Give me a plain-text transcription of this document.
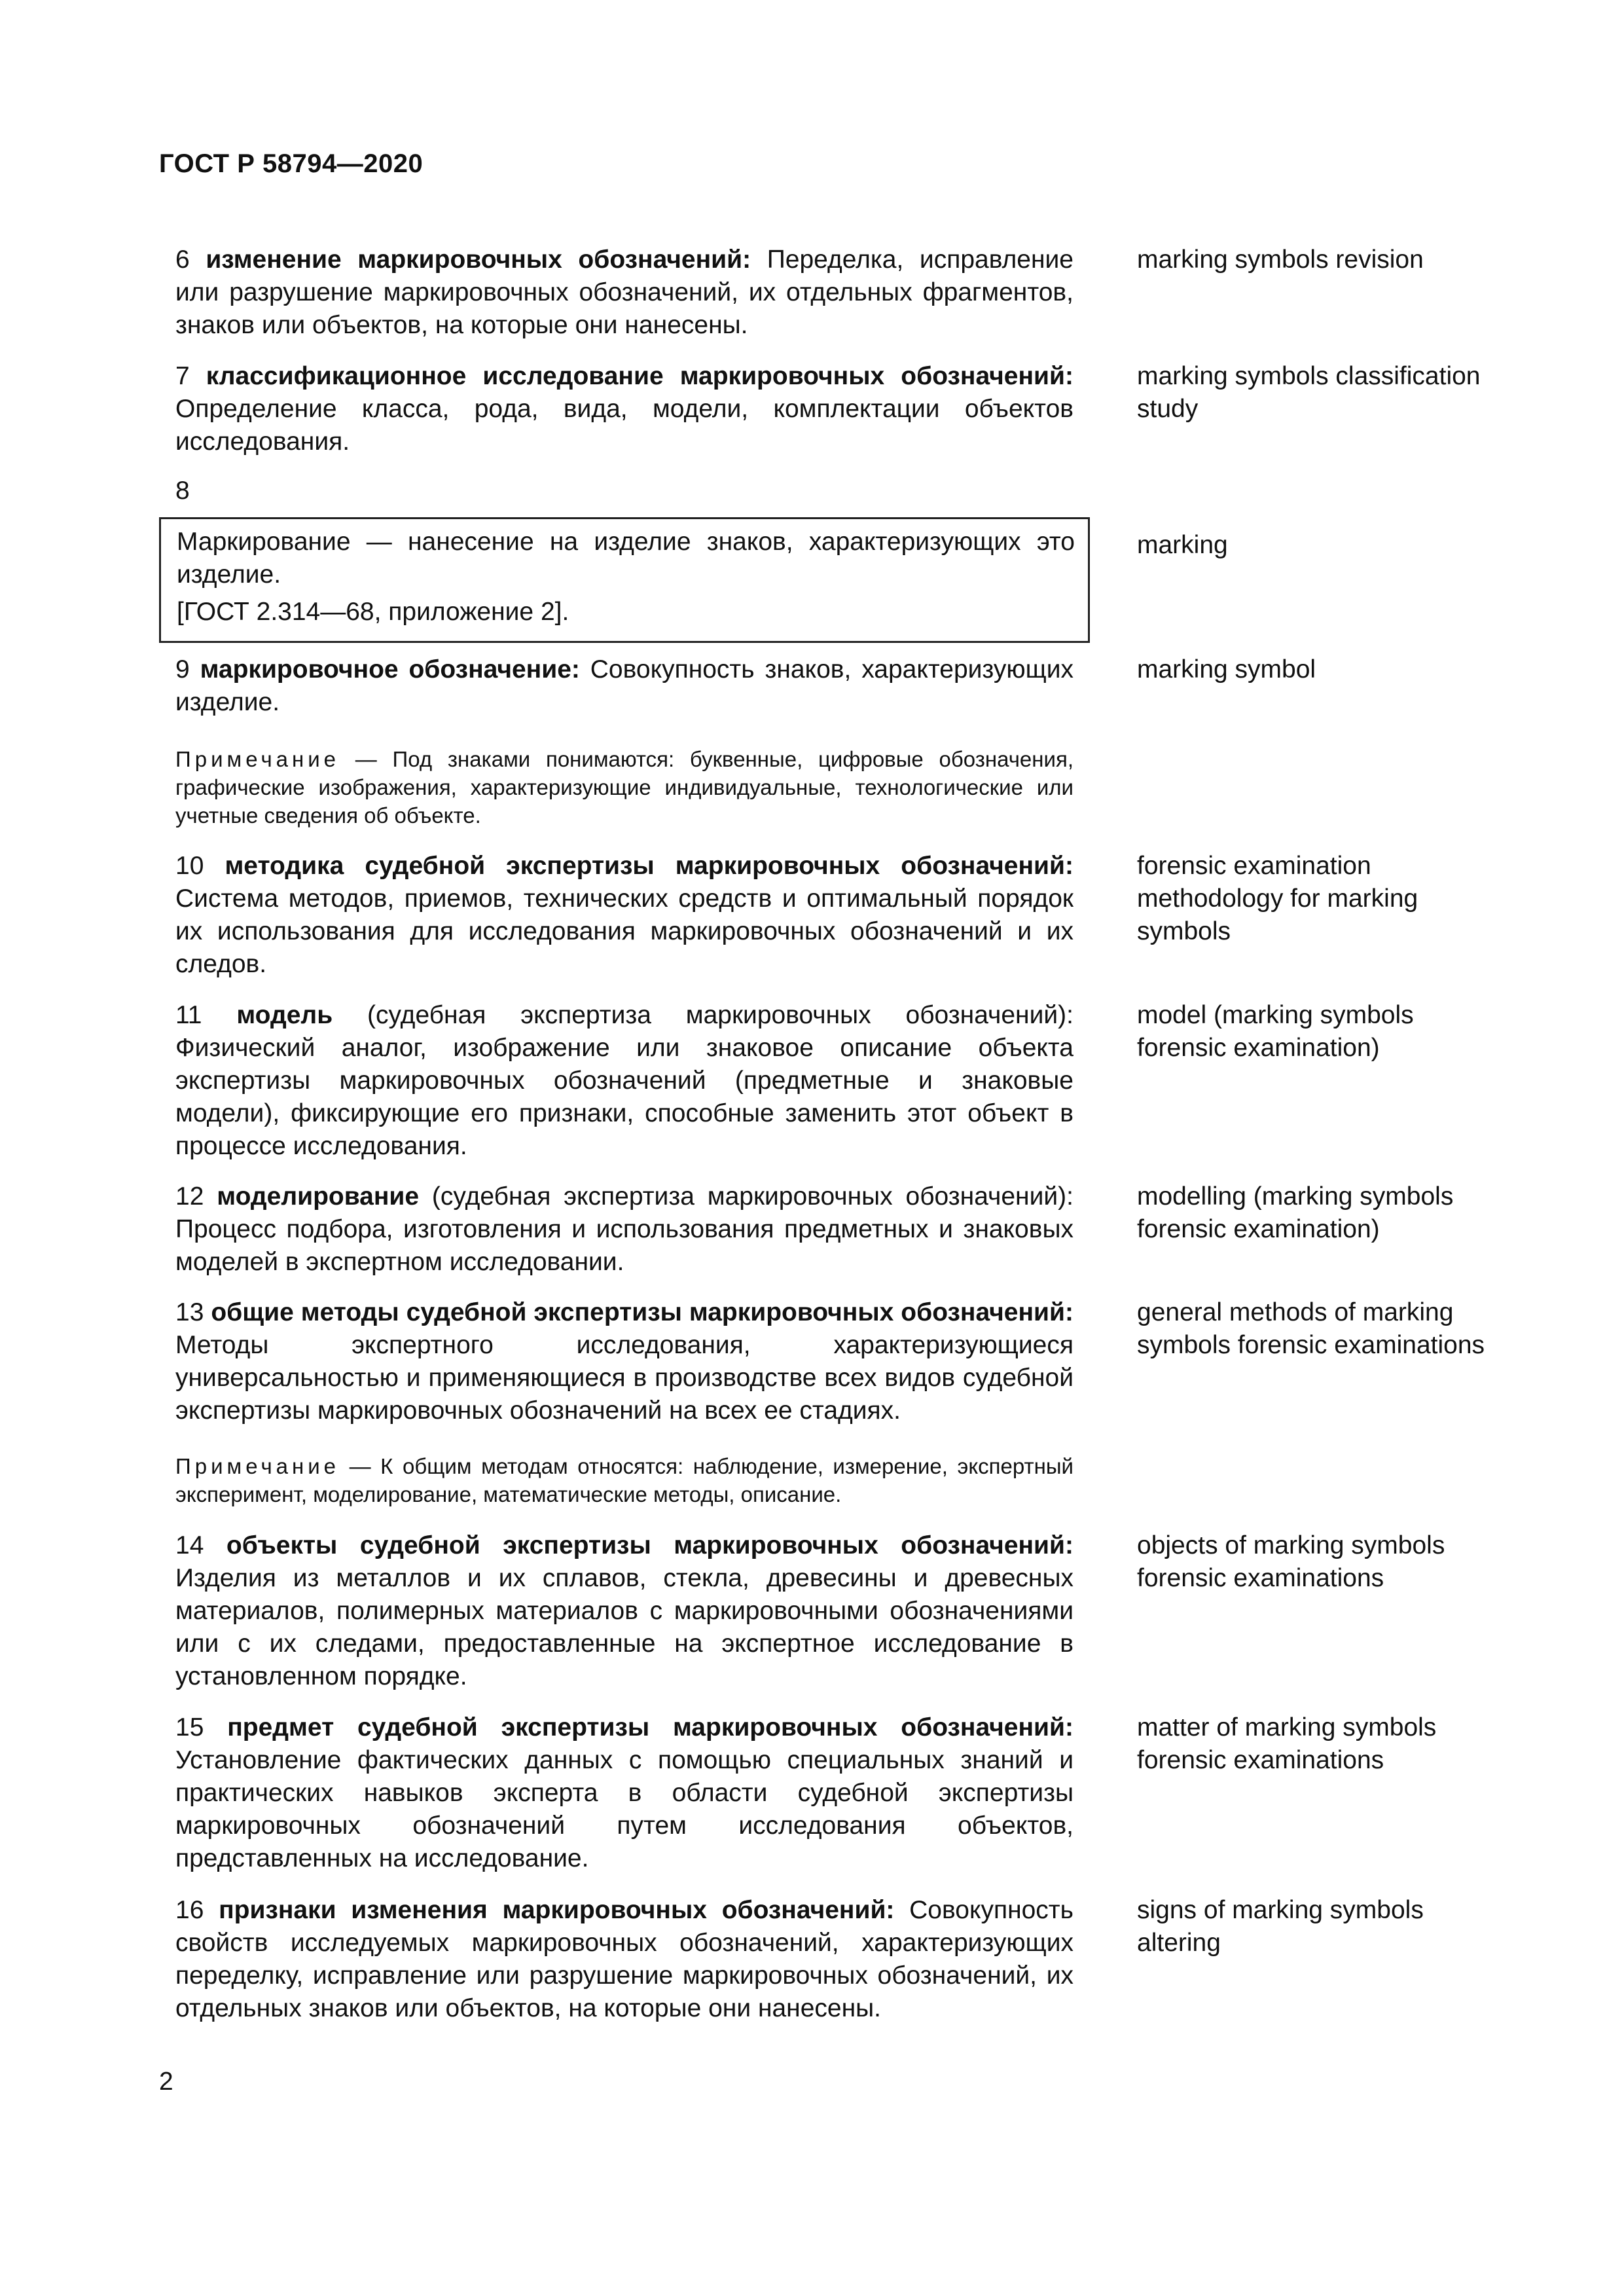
ГОСТ Р 58794—2020
6 изменение маркировочных обозначений: Переделка, исправление или разрушение маркировочных обозначений, их отдельных фрагментов, знаков или объектов, на которые они нанесены.
marking symbols revision
7 классификационное исследование маркировочных обозначений: Определение класса, рода, вида, модели, комплектации объектов исследования.
marking symbols classification study
8
Маркирование — нанесение на изделие знаков, характеризующих это изделие.
[ГОСТ 2.314—68, приложение 2].
marking
9 маркировочное обозначение: Совокупность знаков, характеризующих изделие.
marking symbol
Примечание — Под знаками понимаются: буквенные, цифровые обозначения, графические изображения, характеризующие индивидуальные, технологические или учетные сведения об объекте.
10 методика судебной экспертизы маркировочных обозначений: Система методов, приемов, технических средств и оптимальный порядок их использования для исследования маркировочных обозначений и их следов.
forensic examination methodology for marking symbols
11 модель (судебная экспертиза маркировочных обозначений): Физический аналог, изображение или знаковое описание объекта экспертизы маркировочных обозначений (предметные и знаковые модели), фиксирующие его признаки, способные заменить этот объект в процессе исследования.
model (marking symbols forensic examination)
12 моделирование (судебная экспертиза маркировочных обозначений): Процесс подбора, изготовления и использования предметных и знаковых моделей в экспертном исследовании.
modelling (marking symbols forensic examination)
13 общие методы судебной экспертизы маркировочных обозначений: Методы экспертного исследования, характеризующиеся универсальностью и применяющиеся в производстве всех видов судебной экспертизы маркировочных обозначений на всех ее стадиях.
general methods of marking symbols forensic examinations
Примечание — К общим методам относятся: наблюдение, измерение, экспертный эксперимент, моделирование, математические методы, описание.
14 объекты судебной экспертизы маркировочных обозначений: Изделия из металлов и их сплавов, стекла, древесины и древесных материалов, полимерных материалов с маркировочными обозначениями или с их следами, предоставленные на экспертное исследование в установленном порядке.
objects of marking symbols forensic examinations
15 предмет судебной экспертизы маркировочных обозначений: Установление фактических данных с помощью специальных знаний и практических навыков эксперта в области судебной экспертизы маркировочных обозначений путем исследования объектов, представленных на исследование.
matter of marking symbols forensic examinations
16 признаки изменения маркировочных обозначений: Совокупность свойств исследуемых маркировочных обозначений, характеризующих переделку, исправление или разрушение маркировочных обозначений, их отдельных знаков или объектов, на которые они нанесены.
signs of marking symbols altering
2
